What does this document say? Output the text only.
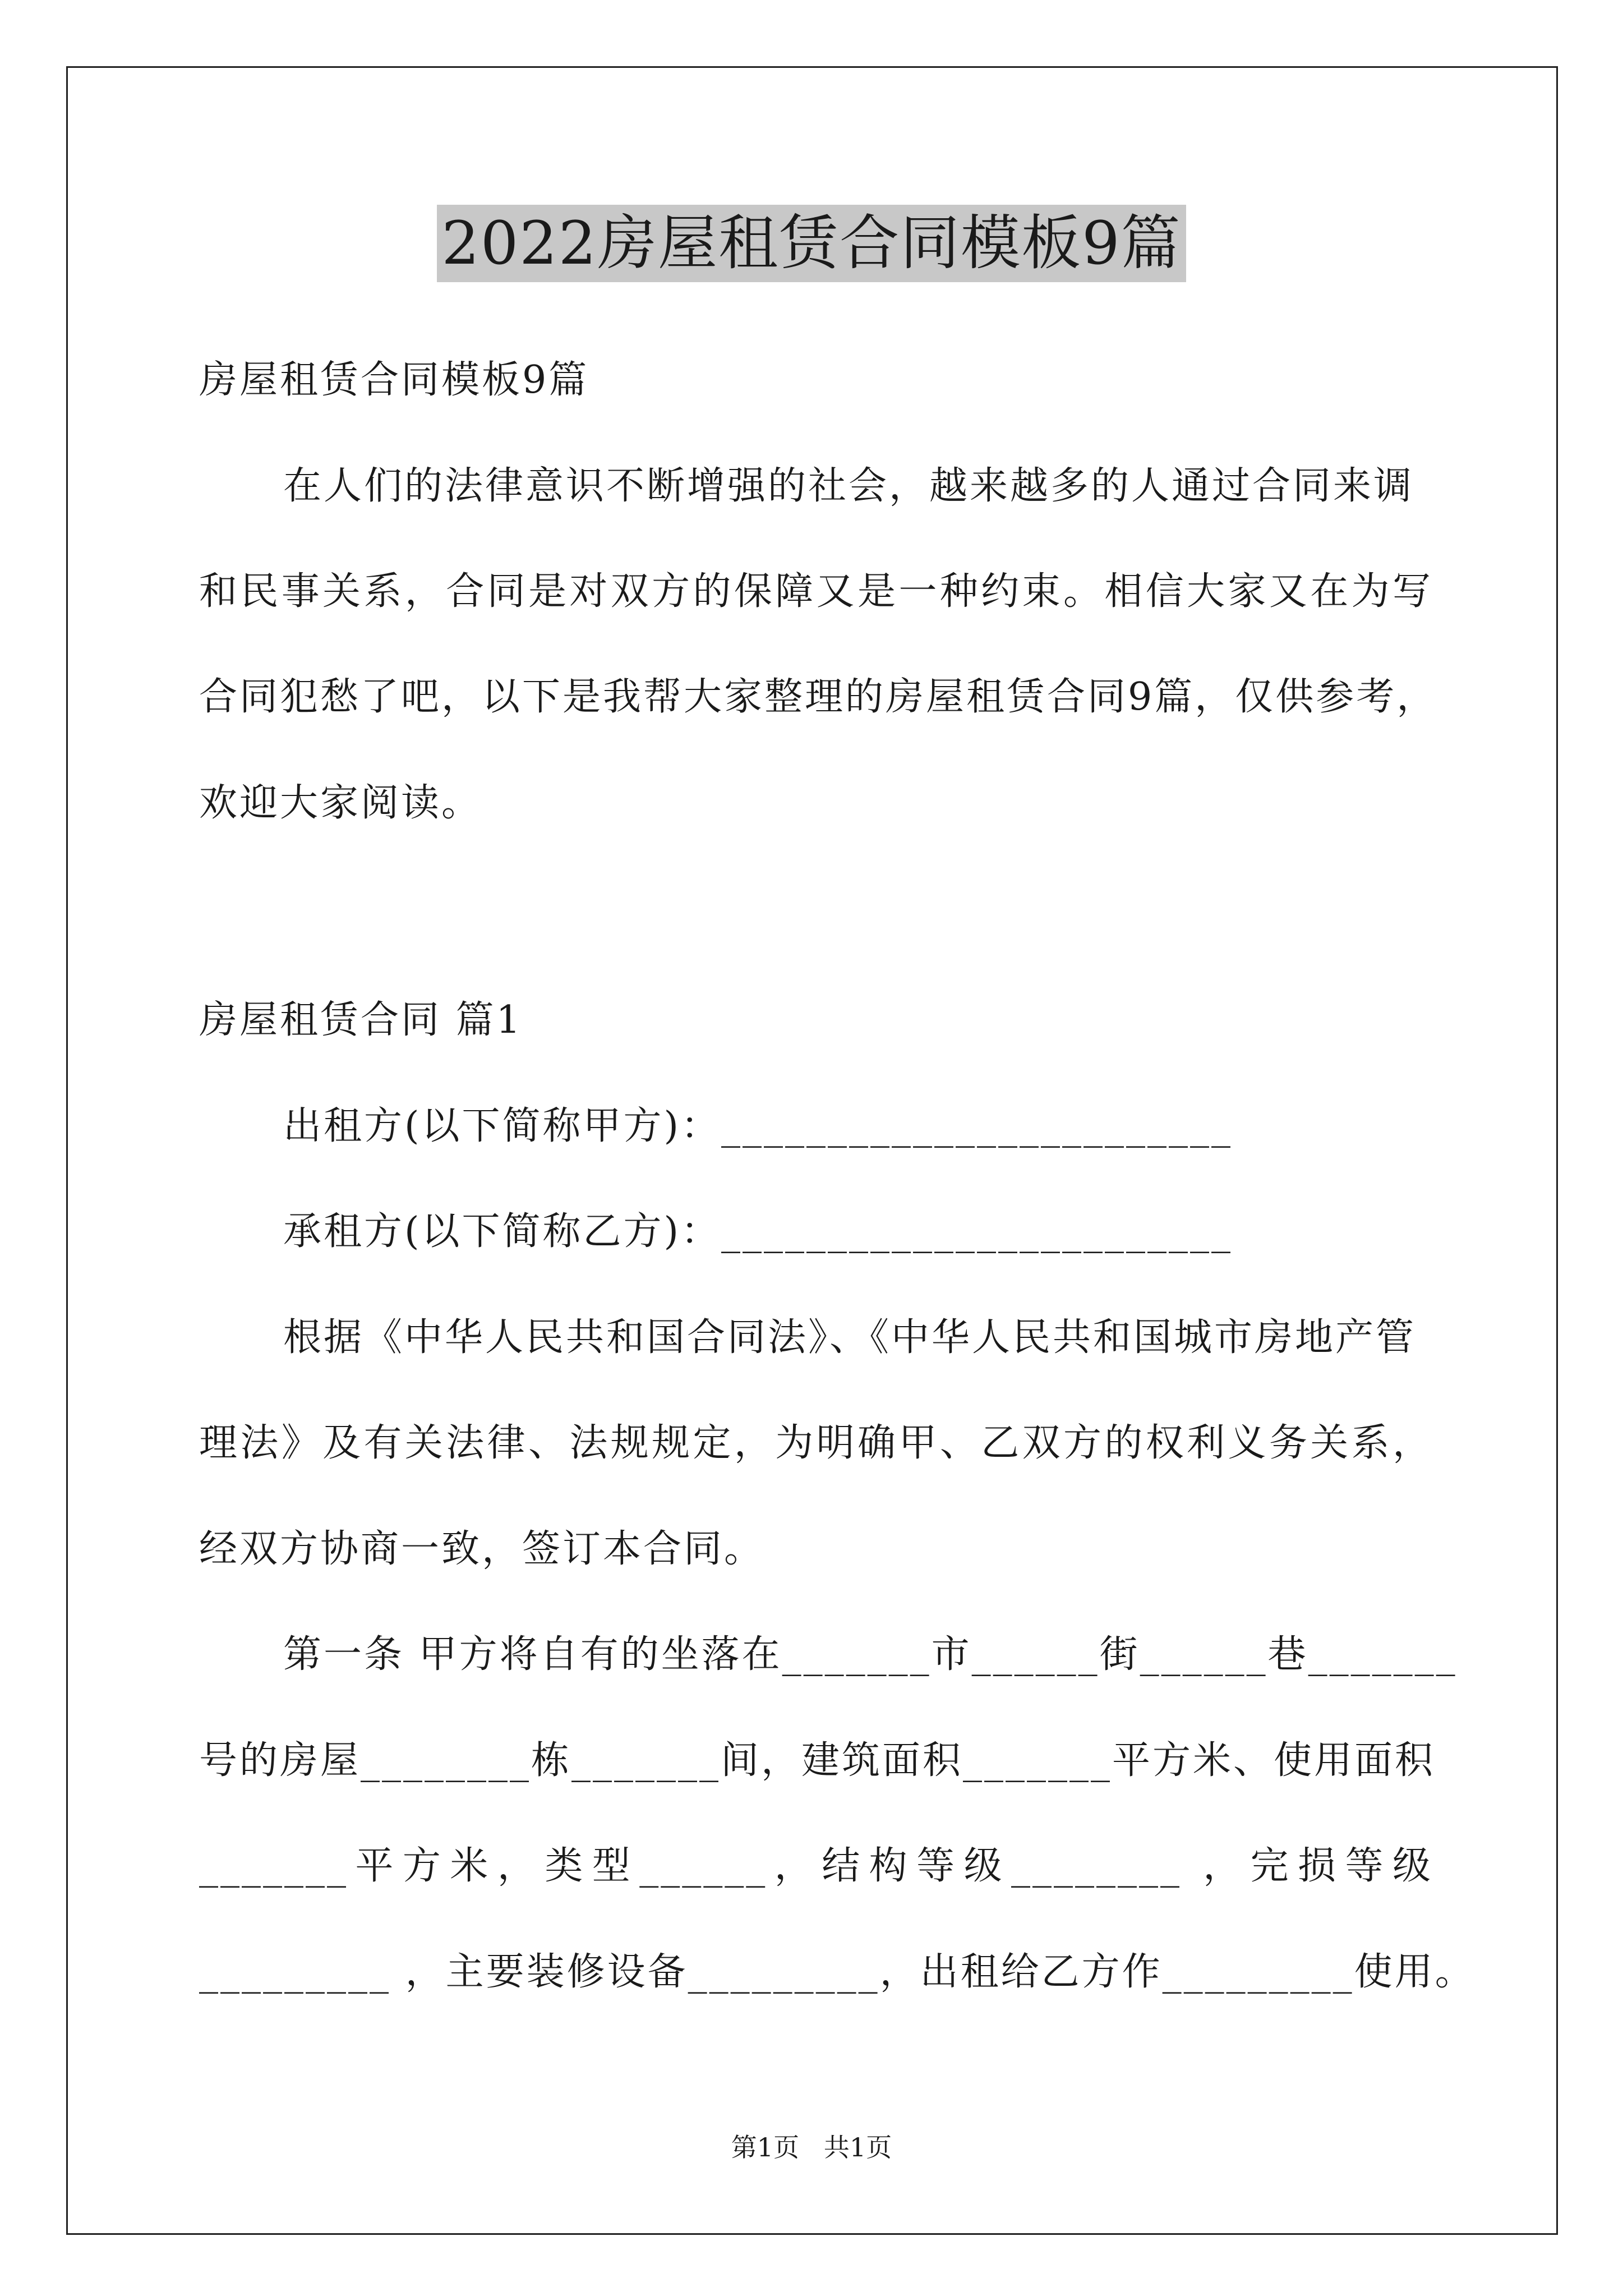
2022房屋租赁合同模板9篇

房屋租赁合同模板9篇

在人们的法律意识不断增强的社会，越来越多的人通过合同来调

和民事关系，合同是对双方的保障又是一种约束。相信大家又在为写

合同犯愁了吧，以下是我帮大家整理的房屋租赁合同9篇，仅供参考，

欢迎大家阅读。

房屋租赁合同 篇1

出租方(以下简称甲方)：________________________

承租方(以下简称乙方)：________________________

根据《中华人民共和国合同法》、《中华人民共和国城市房地产管

理法》及有关法律、法规规定，为明确甲、乙双方的权利义务关系，

经双方协商一致，签订本合同。

第一条 甲方将自有的坐落在_______市______街______巷_______

号的房屋________栋_______间，建筑面积_______平方米、使用面积

_______平方米，类型______，结构等级________ ，完损等级

_________ ，主要装修设备_________，出租给乙方作_________使用。

第1页   共1页
